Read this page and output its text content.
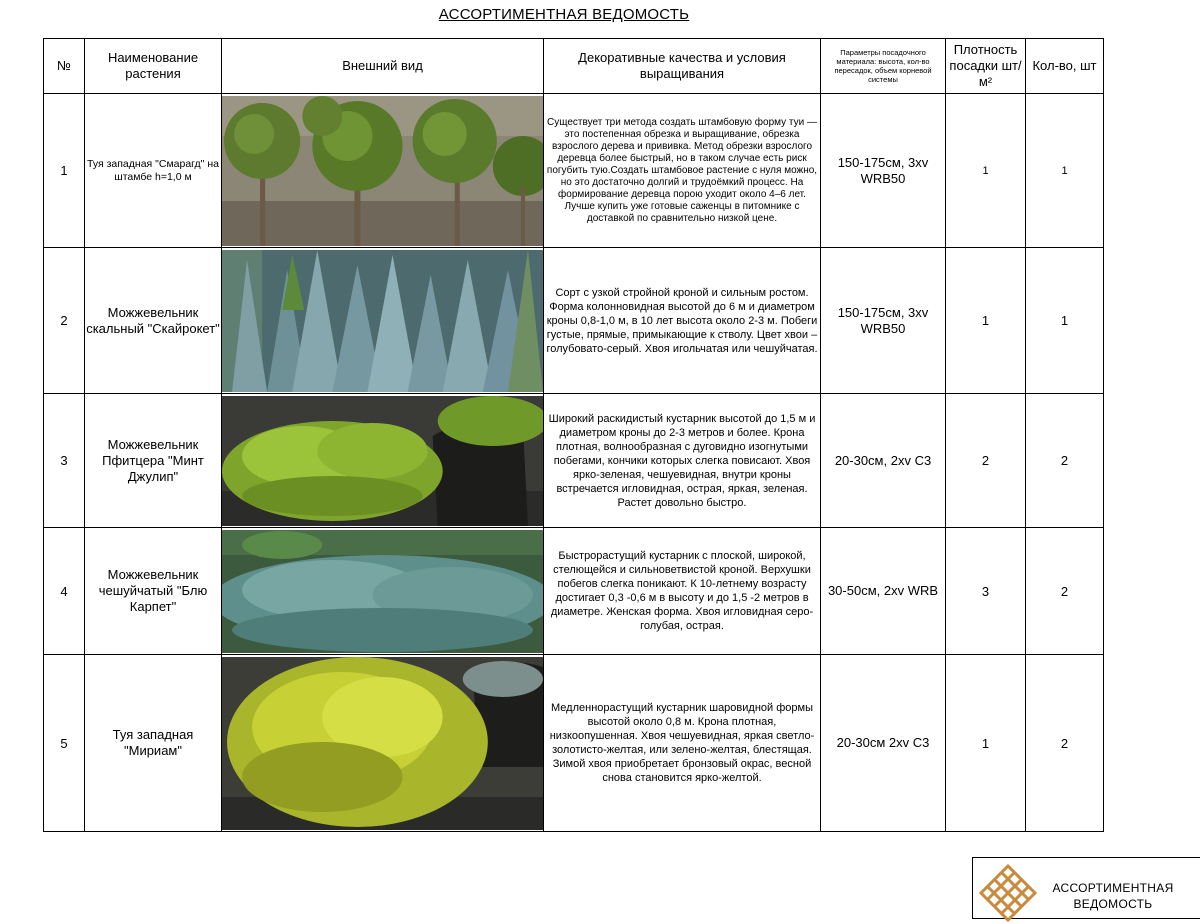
АССОРТИМЕНТНАЯ ВЕДОМОСТЬ
№	Наименование растения	Внешний вид	Декоративные качества и условия выращивания	Параметры посадочного материала: высота, кол-во пересадок, объем корневой системы	Плотность посадки шт/м²	Кол-во, шт
1	Туя западная "Смарагд" на штамбе h=1,0 м		Существует три метода создать штамбовую форму туи — это постепенная обрезка и выращивание, обрезка взрослого дерева и прививка. Метод обрезки взрослого деревца более быстрый, но в таком случае есть риск погубить тую.Создать штамбовое растение с нуля можно, но это достаточно долгий и трудоёмкий процесс. На формирование деревца порою уходит около 4–6 лет. Лучше купить уже готовые саженцы в питомнике с доставкой по сравнительно низкой цене.	150-175см, 3xv WRB50	1	1
2	Можжевельник скальный "Скайрокет"		Сорт с узкой стройной кроной и сильным ростом. Форма колонновидная высотой до 6 м и диаметром кроны 0,8-1,0 м, в 10 лет высота около 2-3 м. Побеги густые, прямые, примыкающие к стволу. Цвет хвои – голубовато-серый. Хвоя игольчатая или чешуйчатая.	150-175см, 3xv WRB50	1	1
3	Можжевельник Пфитцера "Минт Джулип"		Широкий раскидистый кустарник высотой до 1,5 м и диаметром кроны до 2-3 метров и более. Крона плотная, волнообразная с дуговидно изогнутыми побегами, кончики которых слегка повисают. Хвоя ярко-зеленая, чешуевидная, внутри кроны встречается игловидная, острая, яркая, зеленая. Растет довольно быстро.	20-30см, 2xv C3	2	2
4	Можжевельник чешуйчатый "Блю Карпет"		Быстрорастущий кустарник с плоской, широкой, стелющейся и сильноветвистой кроной. Верхушки побегов слегка поникают. К 10-летнему возрасту достигает 0,3 -0,6 м в высоту и до 1,5 -2 метров в диаметре. Женская форма. Хвоя игловидная серо-голубая, острая.	30-50см, 2xv WRB	3	2
5	Туя западная "Мириам"		Медленнорастущий кустарник шаровидной формы высотой около 0,8 м. Крона плотная, низкоопушенная. Хвоя чешуевидная, яркая светло-золотисто-желтая, или зелено-желтая, блестящая. Зимой хвоя приобретает бронзовый окрас, весной снова становится ярко-желтой.	20-30см 2xv C3	1	2
АССОРТИМЕНТНАЯ ВЕДОМОСТЬ
